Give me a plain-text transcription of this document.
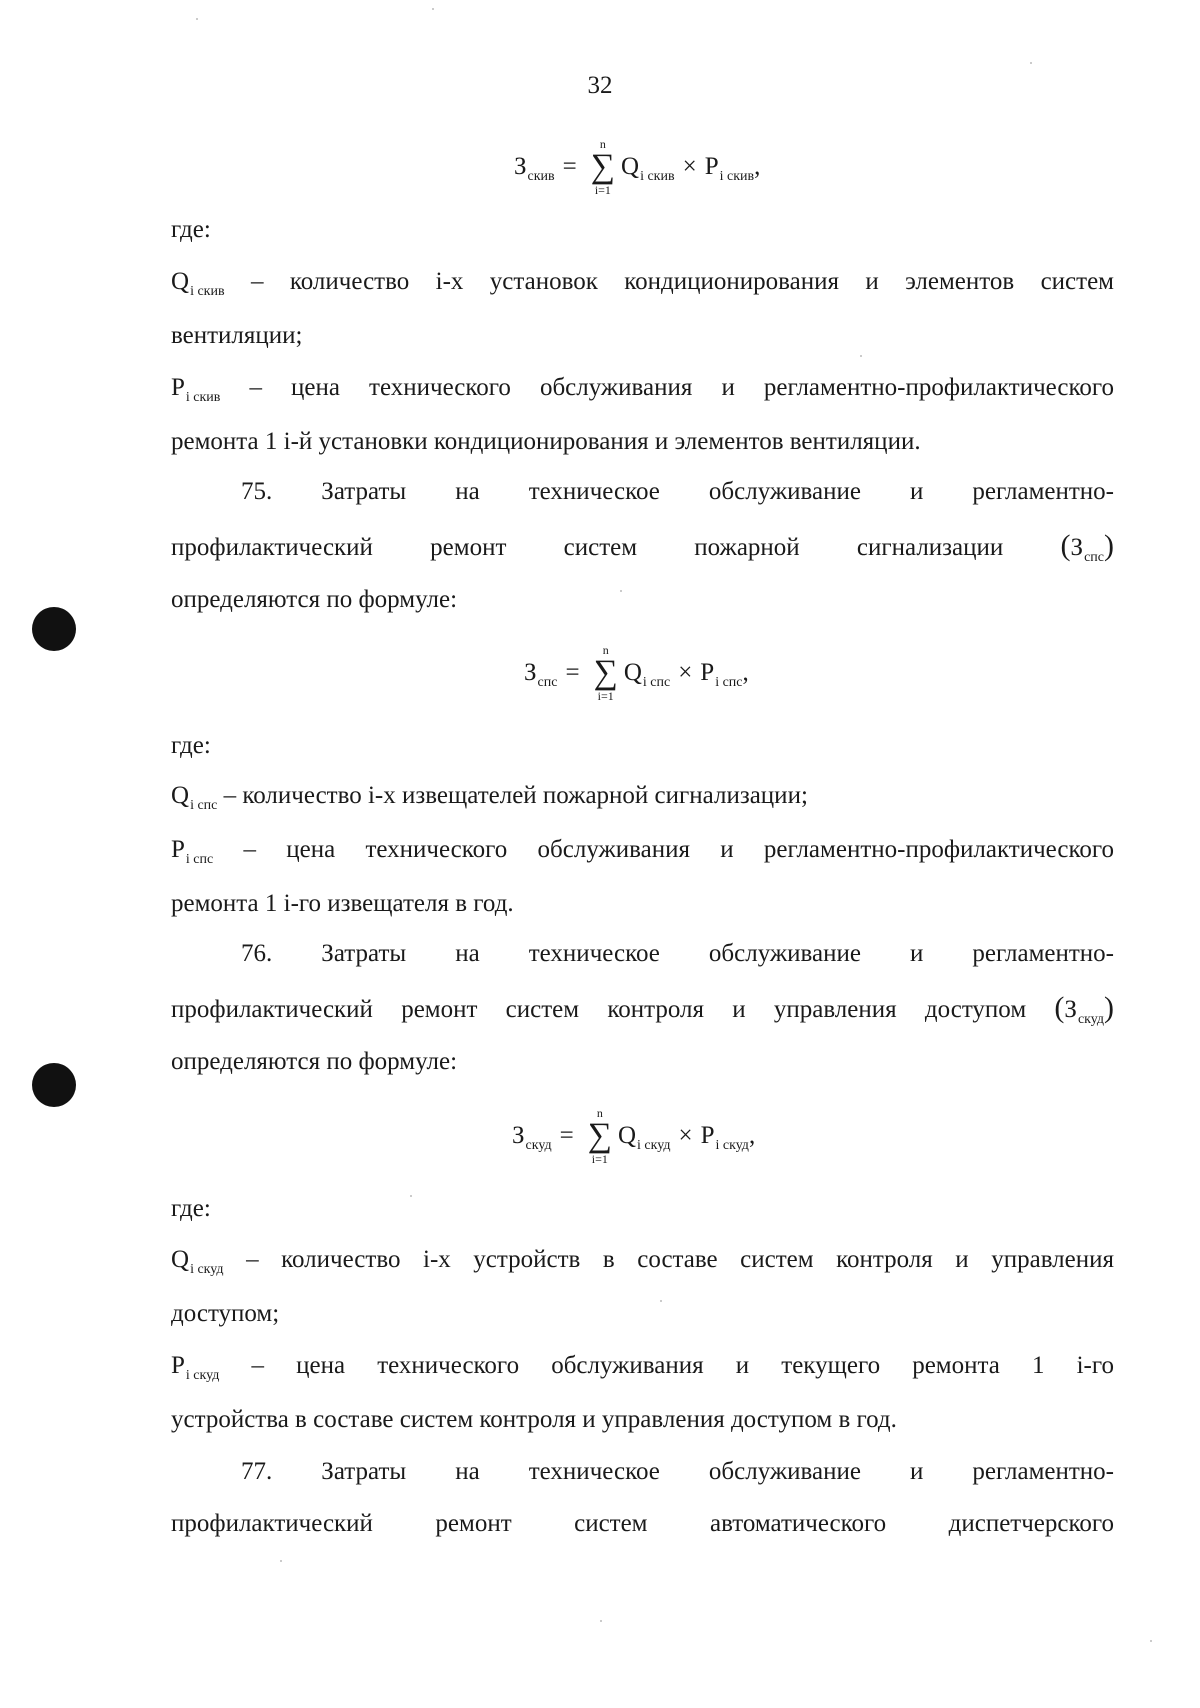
32
$З_{скив}$ =
n
∑
i=1
$Q_{i скив} \times P_{i скив}$ ,
где:
$Q_{i скив}$ – количество i-х установок кондиционирования и элементов систем
вентиляции;
$P_{i скив}$ – цена технического обслуживания и регламентно-профилактического
ремонта 1 i-й установки кондиционирования и элементов вентиляции.
75. Затраты на техническое обслуживание и регламентно-
профилактический ремонт систем пожарной сигнализации $(З_{спс})$
определяются по формуле:
$З_{спс}$ =
n
∑
i=1
$Q_{i спс} \times P_{i спс}$ ,
где:
$Q_{i спс}$ – количество i-х извещателей пожарной сигнализации;
$P_{i спс}$ – цена технического обслуживания и регламентно-профилактического
ремонта 1 i-го извещателя в год.
76. Затраты на техническое обслуживание и регламентно-
профилактический ремонт систем контроля и управления доступом $(З_{скуд})$
определяются по формуле:
$З_{скуд}$ =
n
∑
i=1
$Q_{i скуд} \times P_{i скуд}$ ,
где:
$Q_{i скуд}$ – количество i-х устройств в составе систем контроля и управления
доступом;
$P_{i скуд}$ – цена технического обслуживания и текущего ремонта 1 i-го
устройства в составе систем контроля и управления доступом в год.
77. Затраты на техническое обслуживание и регламентно-
профилактический ремонт систем автоматического диспетчерского
